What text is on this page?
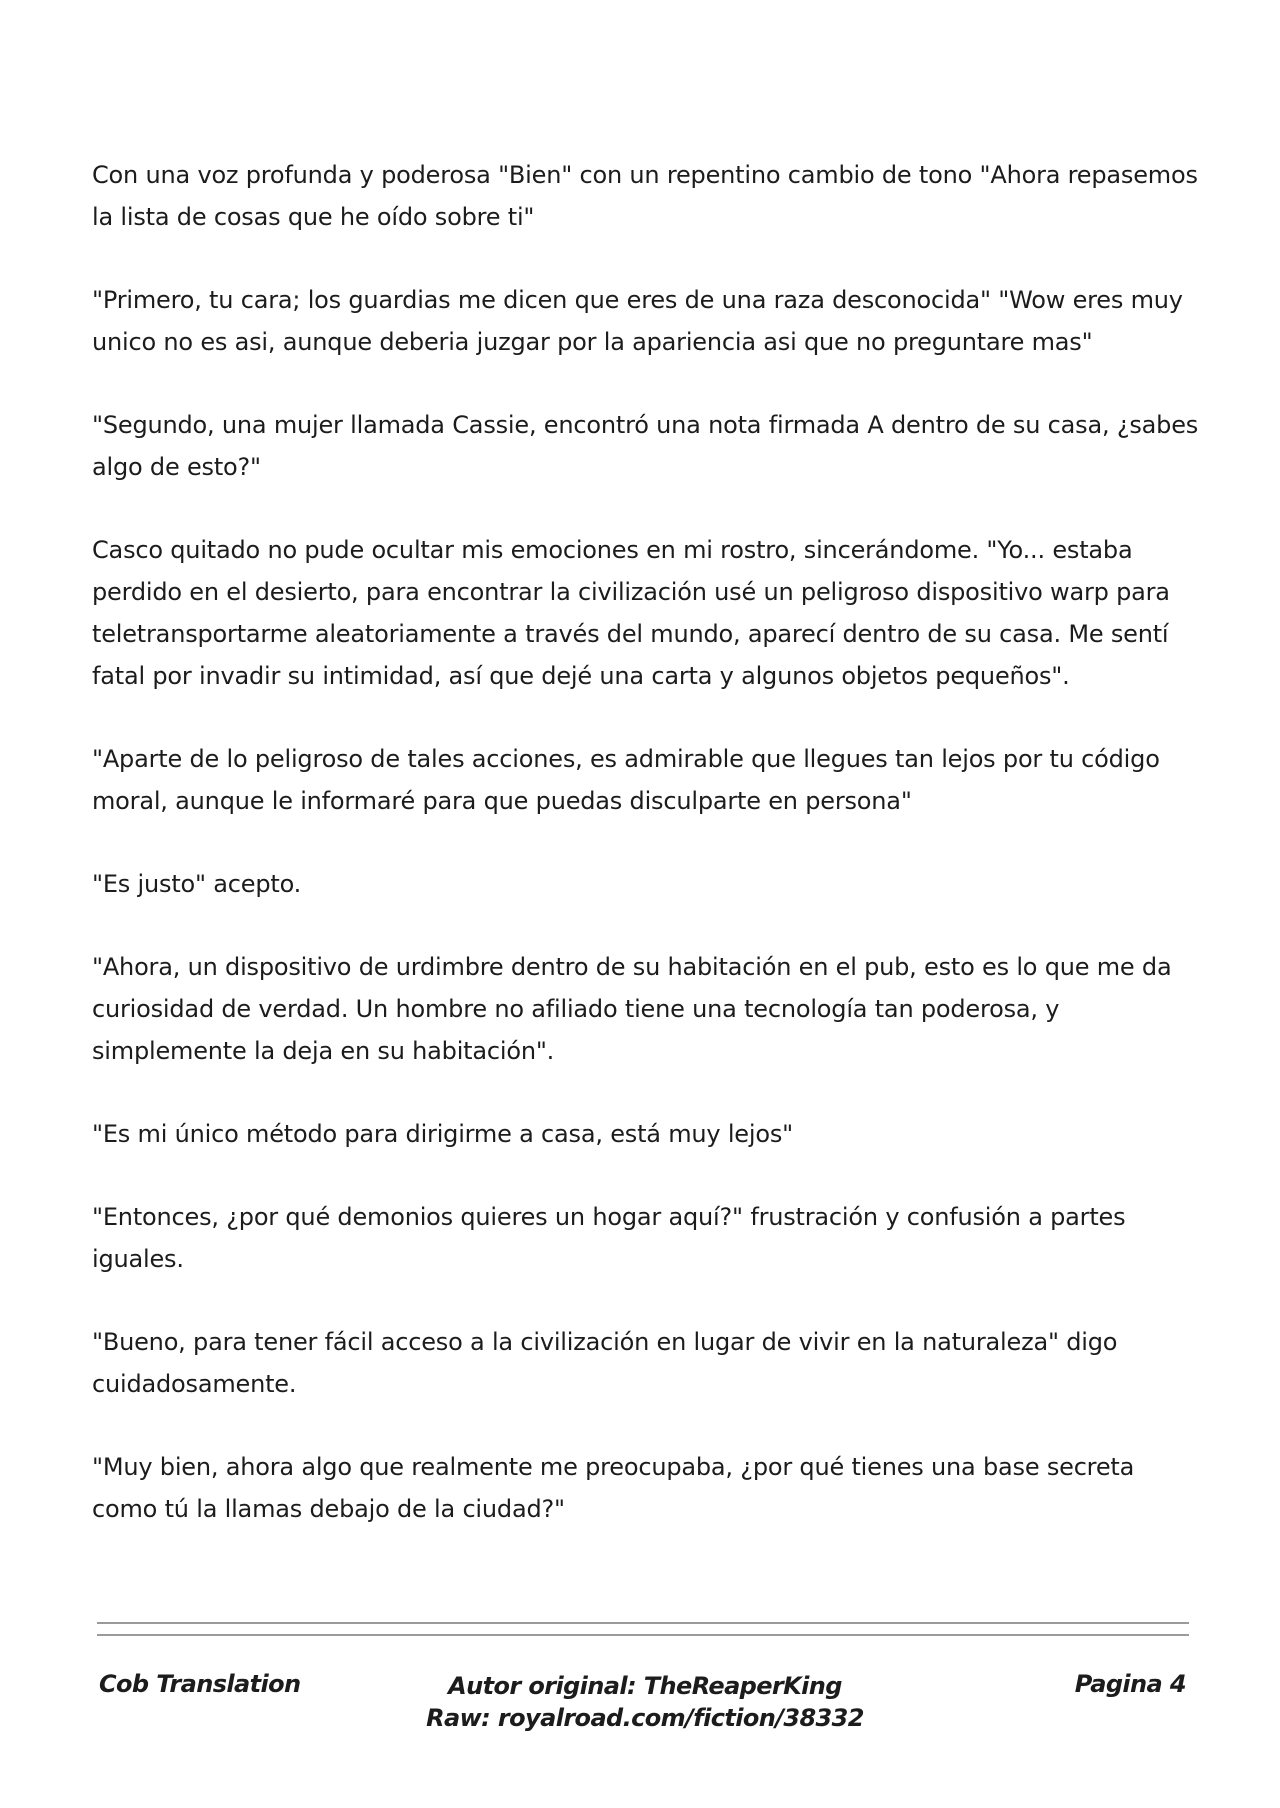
Con una voz profunda y poderosa "Bien" con un repentino cambio de tono "Ahora repasemos la lista de cosas que he oído sobre ti"

"Primero, tu cara; los guardias me dicen que eres de una raza desconocida" "Wow eres muy unico no es asi, aunque deberia juzgar por la apariencia asi que no preguntare mas"

"Segundo, una mujer llamada Cassie, encontró una nota firmada A dentro de su casa, ¿sabes algo de esto?"

Casco quitado no pude ocultar mis emociones en mi rostro, sincerándome. "Yo... estaba perdido en el desierto, para encontrar la civilización usé un peligroso dispositivo warp para teletransportarme aleatoriamente a través del mundo, aparecí dentro de su casa. Me sentí fatal por invadir su intimidad, así que dejé una carta y algunos objetos pequeños".

"Aparte de lo peligroso de tales acciones, es admirable que llegues tan lejos por tu código moral, aunque le informaré para que puedas disculparte en persona"

"Es justo" acepto.

"Ahora, un dispositivo de urdimbre dentro de su habitación en el pub, esto es lo que me da curiosidad de verdad. Un hombre no afiliado tiene una tecnología tan poderosa, y simplemente la deja en su habitación".

"Es mi único método para dirigirme a casa, está muy lejos"

"Entonces, ¿por qué demonios quieres un hogar aquí?" frustración y confusión a partes iguales.

"Bueno, para tener fácil acceso a la civilización en lugar de vivir en la naturaleza" digo cuidadosamente.

"Muy bien, ahora algo que realmente me preocupaba, ¿por qué tienes una base secreta como tú la llamas debajo de la ciudad?"

Cob Translation	Autor original: TheReaperKing
Raw: royalroad.com/fiction/38332
Pagina 4
